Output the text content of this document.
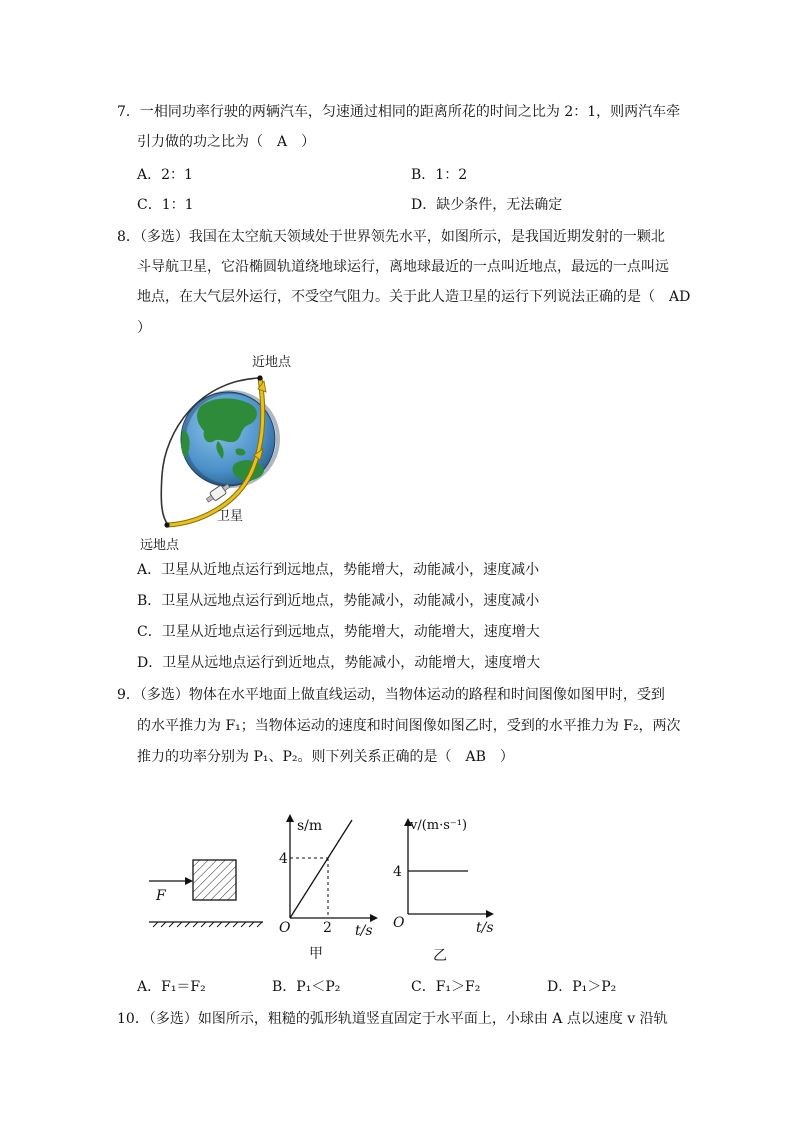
7．一相同功率行驶的两辆汽车，匀速通过相同的距离所花的时间之比为 2：1，则两汽车牵
引力做的功之比为（　A　）
A．2：1	B．1：2
C．1：1	D．缺少条件，无法确定
8．（多选）我国在太空航天领域处于世界领先水平，如图所示，是我国近期发射的一颗北
斗导航卫星，它沿椭圆轨道绕地球运行，离地球最近的一点叫近地点，最远的一点叫远
地点，在大气层外运行，不受空气阻力。关于此人造卫星的运行下列说法正确的是（　AD
）
近地点
卫星
远地点
A．卫星从近地点运行到远地点，势能增大，动能减小，速度减小
B．卫星从远地点运行到近地点，势能减小，动能减小，速度减小
C．卫星从近地点运行到远地点，势能增大，动能增大，速度增大
D．卫星从远地点运行到近地点，势能减小，动能增大，速度增大
9．（多选）物体在水平地面上做直线运动，当物体运动的路程和时间图像如图甲时，受到
的水平推力为 F₁；当物体运动的速度和时间图像如图乙时，受到的水平推力为 F₂，两次
推力的功率分别为 P₁、P₂。则下列关系正确的是（　AB　）
F
s/m
4
O 2 t/s
甲
v/(m·s⁻¹)
4
O	t/s
乙
A．F₁＝F₂	B．P₁＜P₂	C．F₁＞F₂	D．P₁＞P₂
10．（多选）如图所示，粗糙的弧形轨道竖直固定于水平面上，小球由 A 点以速度 v 沿轨
